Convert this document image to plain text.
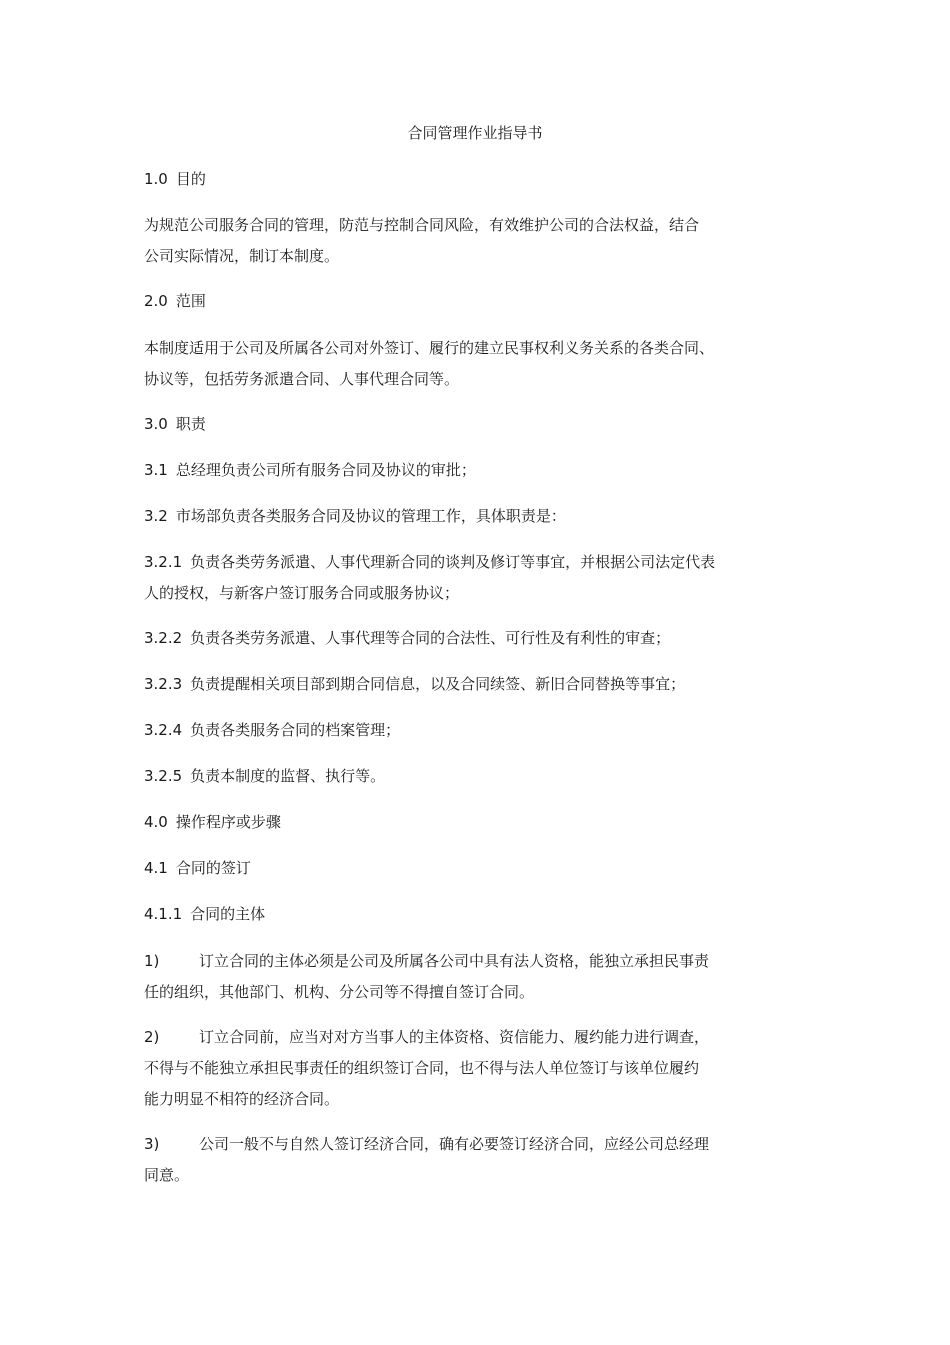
合同管理作业指导书
1.0 目的
为规范公司服务合同的管理，防范与控制合同风险，有效维护公司的合法权益，结合
公司实际情况，制订本制度。
2.0 范围
本制度适用于公司及所属各公司对外签订、履行的建立民事权利义务关系的各类合同、
协议等，包括劳务派遣合同、人事代理合同等。
3.0 职责
3.1 总经理负责公司所有服务合同及协议的审批；
3.2 市场部负责各类服务合同及协议的管理工作，具体职责是：
3.2.1 负责各类劳务派遣、人事代理新合同的谈判及修订等事宜，并根据公司法定代表
人的授权，与新客户签订服务合同或服务协议；
3.2.2 负责各类劳务派遣、人事代理等合同的合法性、可行性及有利性的审查；
3.2.3 负责提醒相关项目部到期合同信息，以及合同续签、新旧合同替换等事宜；
3.2.4 负责各类服务合同的档案管理；
3.2.5 负责本制度的监督、执行等。
4.0 操作程序或步骤
4.1 合同的签订
4.1.1 合同的主体
1)	订立合同的主体必须是公司及所属各公司中具有法人资格，能独立承担民事责
任的组织，其他部门、机构、分公司等不得擅自签订合同。
2)	订立合同前，应当对对方当事人的主体资格、资信能力、履约能力进行调查，
不得与不能独立承担民事责任的组织签订合同，也不得与法人单位签订与该单位履约
能力明显不相符的经济合同。
3)	公司一般不与自然人签订经济合同，确有必要签订经济合同，应经公司总经理
同意。
